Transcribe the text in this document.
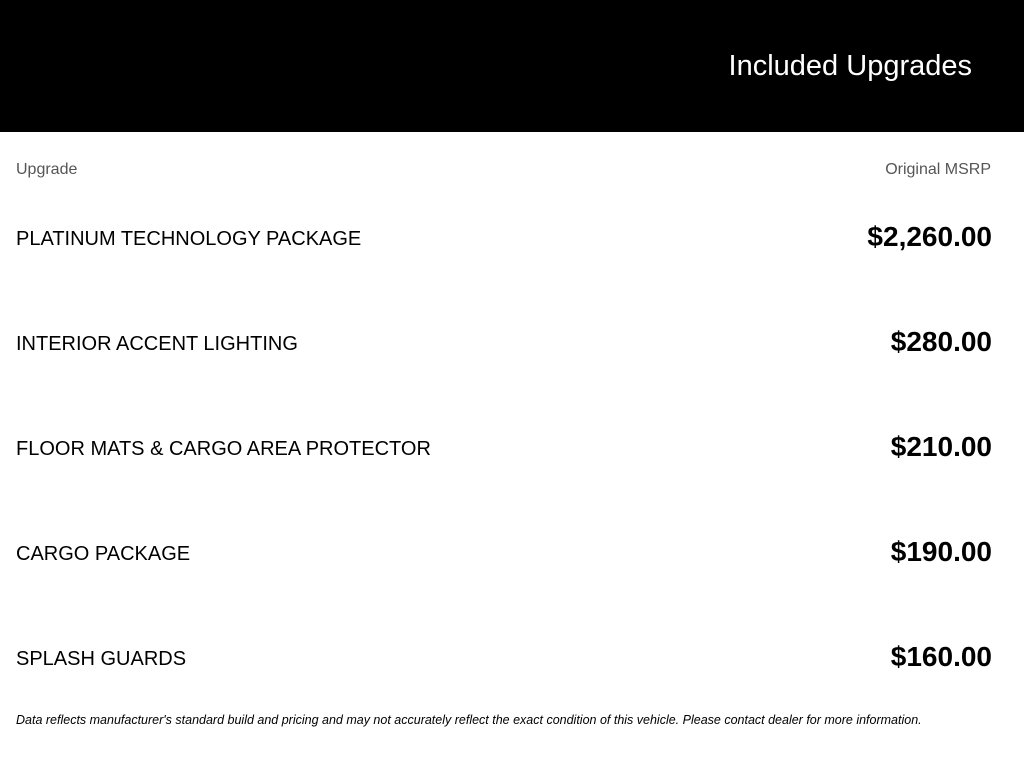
Included Upgrades
Upgrade	Original MSRP
PLATINUM TECHNOLOGY PACKAGE	$2,260.00
INTERIOR ACCENT LIGHTING	$280.00
FLOOR MATS & CARGO AREA PROTECTOR	$210.00
CARGO PACKAGE	$190.00
SPLASH GUARDS	$160.00
Data reflects manufacturer's standard build and pricing and may not accurately reflect the exact condition of this vehicle. Please contact dealer for more information.
